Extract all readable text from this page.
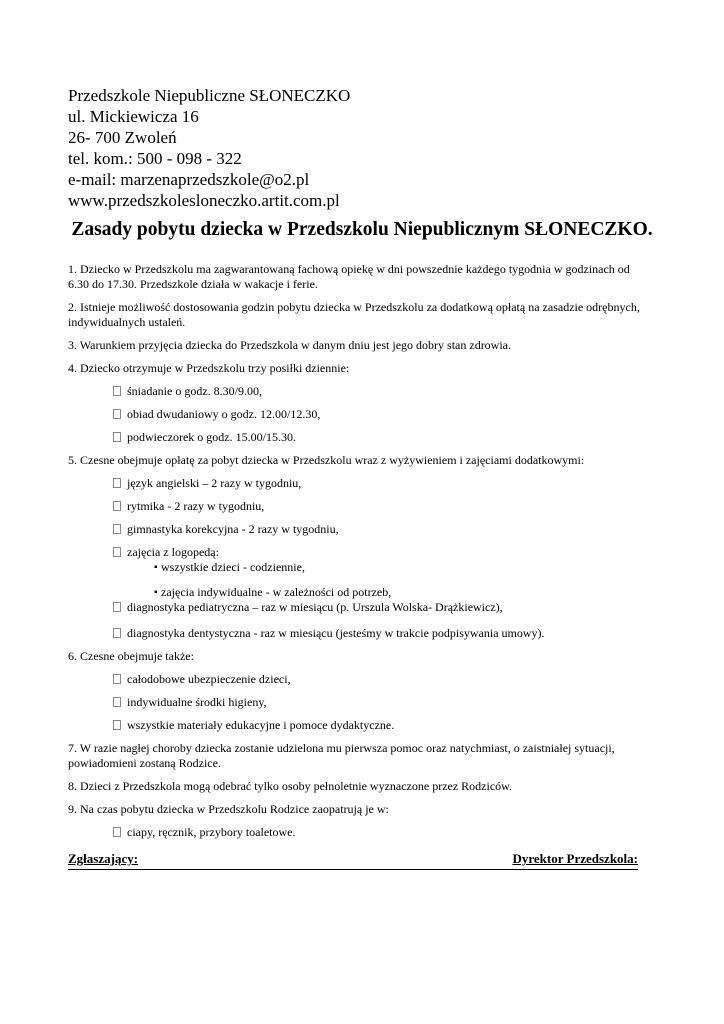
Przedszkole Niepubliczne SŁONECZKO
ul. Mickiewicza 16
26- 700 Zwoleń
tel. kom.: 500 - 098 - 322
e-mail: marzenaprzedszkole@o2.pl
www.przedszkolesloneczko.artit.com.pl
Zasady pobytu dziecka w Przedszkolu Niepublicznym SŁONECZKO.

1. Dziecko w Przedszkolu ma zagwarantowaną fachową opiekę w dni powszednie każdego tygodnia w godzinach od 6.30 do 17.30. Przedszkole działa w wakacje i ferie.

2. Istnieje możliwość dostosowania godzin pobytu dziecka w Przedszkolu za dodatkową opłatą na zasadzie odrębnych, indywidualnych ustaleń.

3. Warunkiem przyjęcia dziecka do Przedszkola w danym dniu jest jego dobry stan zdrowia.

4. Dziecko otrzymuje w Przedszkolu trzy posiłki dziennie:

śniadanie o godz. 8.30/9.00,
obiad dwudaniowy o godz. 12.00/12.30,
podwieczorek o godz. 15.00/15.30.

5. Czesne obejmuje opłatę za pobyt dziecka w Przedszkolu wraz z wyżywieniem i zajęciami dodatkowymi:

język angielski – 2 razy w tygodniu,
rytmika - 2 razy w tygodniu,
gimnastyka korekcyjna - 2 razy w tygodniu,
zajęcia z logopedą:
▪ wszystkie dzieci - codziennie,
▪ zajęcia indywidualne - w zależności od potrzeb,
diagnostyka pediatryczna – raz w miesiącu (p. Urszula Wolska- Drążkiewicz),
diagnostyka dentystyczna - raz w miesiącu (jesteśmy w trakcie podpisywania umowy).

6. Czesne obejmuje także:

całodobowe ubezpieczenie dzieci,
indywidualne środki higieny,
wszystkie materiały edukacyjne i pomoce dydaktyczne.

7. W razie nagłej choroby dziecka zostanie udzielona mu pierwsza pomoc oraz natychmiast, o zaistniałej sytuacji, powiadomieni zostaną Rodzice.

8. Dzieci z Przedszkola mogą odebrać tylko osoby pełnoletnie wyznaczone przez Rodziców.

9. Na czas pobytu dziecka w Przedszkolu Rodzice zaopatrują je w:

ciapy, ręcznik, przybory toaletowe.
Zgłaszający:	Dyrektor Przedszkola:
